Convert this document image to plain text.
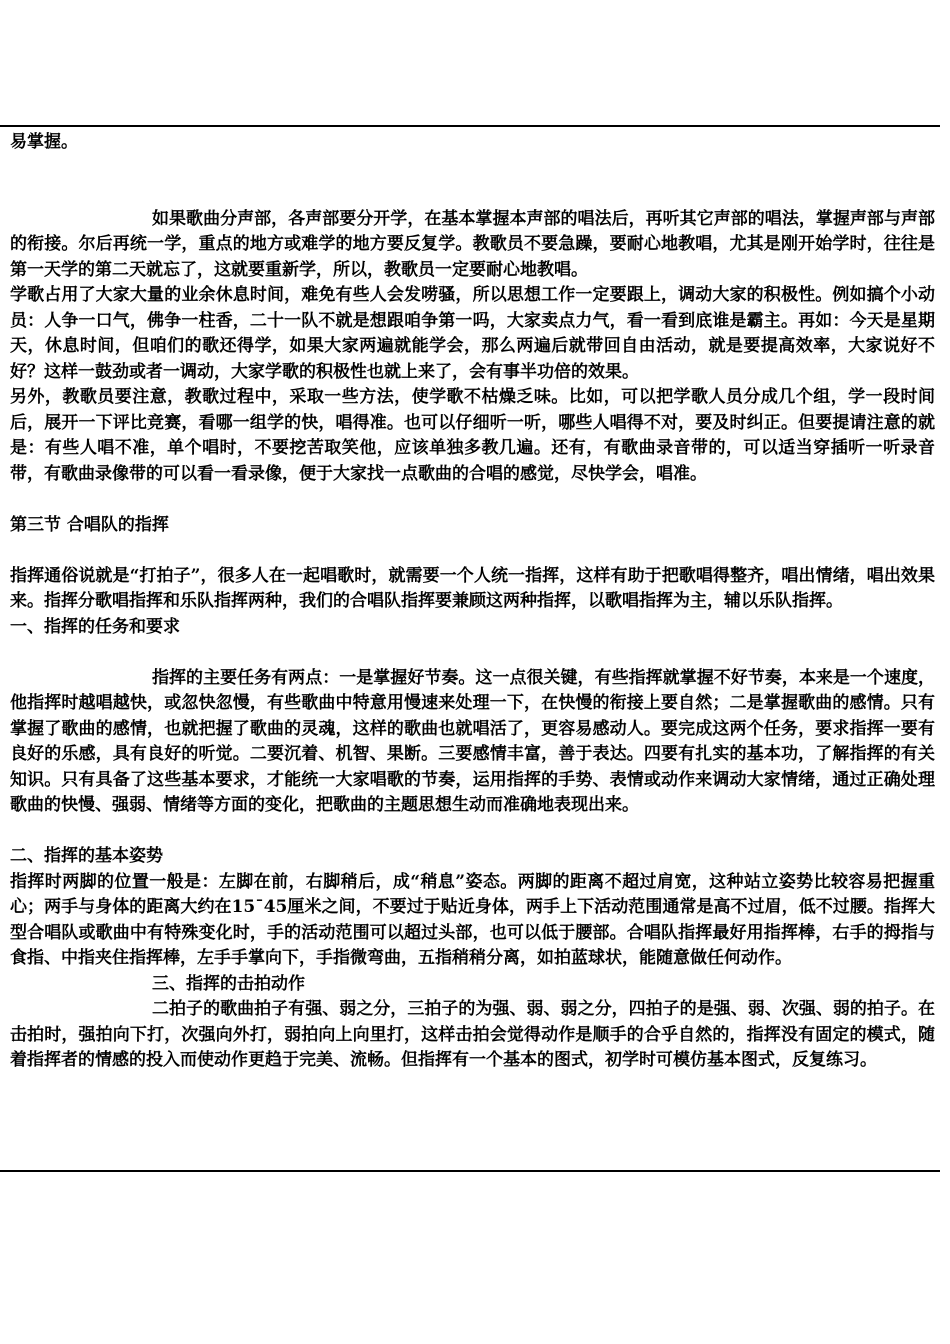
易掌握。

如果歌曲分声部，各声部要分开学，在基本掌握本声部的唱法后，再听其它声部的唱法，掌握声部与声部的衔接。尔后再统一学，重点的地方或难学的地方要反复学。教歌员不要急躁，要耐心地教唱，尤其是刚开始学时，往往是第一天学的第二天就忘了，这就要重新学，所以，教歌员一定要耐心地教唱。

学歌占用了大家大量的业余休息时间，难免有些人会发唠骚，所以思想工作一定要跟上，调动大家的积极性。例如搞个小动员：人争一口气，佛争一柱香，二十一队不就是想跟咱争第一吗，大家卖点力气，看一看到底谁是霸主。再如：今天是星期天，休息时间，但咱们的歌还得学，如果大家两遍就能学会，那么两遍后就带回自由活动，就是要提高效率，大家说好不好？这样一鼓劲或者一调动，大家学歌的积极性也就上来了，会有事半功倍的效果。

另外，教歌员要注意，教歌过程中，采取一些方法，使学歌不枯燥乏味。比如，可以把学歌人员分成几个组，学一段时间后，展开一下评比竞赛，看哪一组学的快，唱得准。也可以仔细听一听，哪些人唱得不对，要及时纠正。但要提请注意的就是：有些人唱不准，单个唱时，不要挖苦取笑他，应该单独多教几遍。还有，有歌曲录音带的，可以适当穿插听一听录音带，有歌曲录像带的可以看一看录像，便于大家找一点歌曲的合唱的感觉，尽快学会，唱准。

第三节 合唱队的指挥

指挥通俗说就是“打拍子”，很多人在一起唱歌时，就需要一个人统一指挥，这样有助于把歌唱得整齐，唱出情绪，唱出效果来。指挥分歌唱指挥和乐队指挥两种，我们的合唱队指挥要兼顾这两种指挥，以歌唱指挥为主，辅以乐队指挥。

一、指挥的任务和要求

指挥的主要任务有两点：一是掌握好节奏。这一点很关键，有些指挥就掌握不好节奏，本来是一个速度，他指挥时越唱越快，或忽快忽慢，有些歌曲中特意用慢速来处理一下，在快慢的衔接上要自然；二是掌握歌曲的感情。只有掌握了歌曲的感情，也就把握了歌曲的灵魂，这样的歌曲也就唱活了，更容易感动人。要完成这两个任务，要求指挥一要有良好的乐感，具有良好的听觉。二要沉着、机智、果断。三要感情丰富，善于表达。四要有扎实的基本功，了解指挥的有关知识。只有具备了这些基本要求，才能统一大家唱歌的节奏，运用指挥的手势、表情或动作来调动大家情绪，通过正确处理歌曲的快慢、强弱、情绪等方面的变化，把歌曲的主题思想生动而准确地表现出来。

二、指挥的基本姿势

指挥时两脚的位置一般是：左脚在前，右脚稍后，成“稍息”姿态。两脚的距离不超过肩宽，这种站立姿势比较容易把握重心；两手与身体的距离大约在15¯45厘米之间，不要过于贴近身体，两手上下活动范围通常是高不过眉，低不过腰。指挥大型合唱队或歌曲中有特殊变化时，手的活动范围可以超过头部，也可以低于腰部。合唱队指挥最好用指挥棒，右手的拇指与食指、中指夹住指挥棒，左手手掌向下，手指微弯曲，五指稍稍分离，如拍蓝球状，能随意做任何动作。

三、指挥的击拍动作

二拍子的歌曲拍子有强、弱之分，三拍子的为强、弱、弱之分，四拍子的是强、弱、次强、弱的拍子。在击拍时，强拍向下打，次强向外打，弱拍向上向里打，这样击拍会觉得动作是顺手的合乎自然的，指挥没有固定的模式，随着指挥者的情感的投入而使动作更趋于完美、流畅。但指挥有一个基本的图式，初学时可模仿基本图式，反复练习。
